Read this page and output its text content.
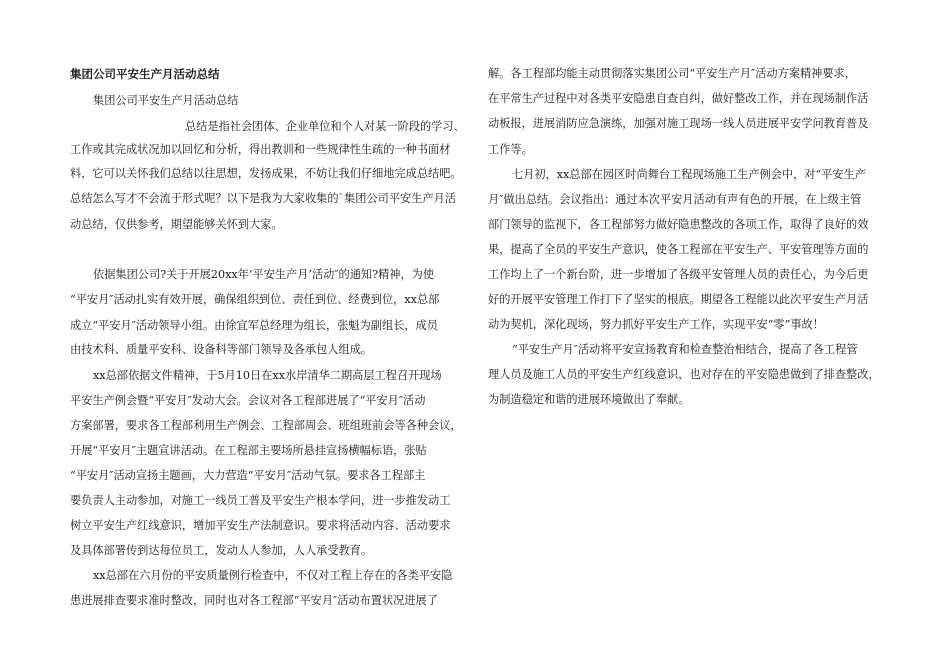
集团公司平安生产月活动总结
集团公司平安生产月活动总结
总结是指社会团体、企业单位和个人对某一阶段的学习、
工作或其完成状况加以回忆和分析，得出教训和一些规律性生疏的一种书面材
料，它可以关怀我们总结以往思想，发扬成果，不妨让我们仔细地完成总结吧。
总结怎么写才不会流于形式呢？以下是我为大家收集的`集团公司平安生产月活
动总结，仅供参考，期望能够关怀到大家。
依据集团公司?关于开展20xx年‘平安生产月’活动″的通知?精神，为使
“平安月″活动扎实有效开展，确保组织到位、责任到位、经费到位，xx总部
成立“平安月″活动领导小组。由徐宜军总经理为组长，张魁为副组长，成员
由技术科、质量平安科、设备科等部门领导及各承包人组成。
xx总部依据文件精神，于5月10日在xx水岸清华二期高层工程召开现场
平安生产例会暨“平安月″发动大会。会议对各工程部进展了“平安月″活动
方案部署，要求各工程部利用生产例会、工程部周会、班组班前会等各种会议，
开展“平安月″主题宣讲活动。在工程部主要场所悬挂宣扬横幅标语，张贴
“平安月″活动宣扬主题画，大力营造“平安月″活动气氛。要求各工程部主
要负责人主动参加，对施工一线员工普及平安生产根本学问，进一步推发动工
树立平安生产红线意识，增加平安生产法制意识。要求将活动内容、活动要求
及具体部署传到达每位员工，发动人人参加，人人承受教育。
xx总部在六月份的平安质量例行检查中，不仅对工程上存在的各类平安隐
患进展排查要求准时整改，同时也对各工程部“平安月″活动布置状况进展了
解。各工程部均能主动贯彻落实集团公司“平安生产月″活动方案精神要求，
在平常生产过程中对各类平安隐患自查自纠，做好整改工作，并在现场制作活
动板报，进展消防应急演练，加强对施工现场一线人员进展平安学问教育普及
工作等。
七月初，xx总部在园区时尚舞台工程现场施工生产例会中，对“平安生产
月″做出总结。会议指出：通过本次平安月活动有声有色的开展，在上级主管
部门领导的监视下，各工程部努力做好隐患整改的各项工作，取得了良好的效
果，提高了全员的平安生产意识，使各工程部在平安生产、平安管理等方面的
工作均上了一个新台阶，进一步增加了各级平安管理人员的责任心，为今后更
好的开展平安管理工作打下了坚实的根底。期望各工程能以此次平安生产月活
动为契机，深化现场，努力抓好平安生产工作，实现平安“零”事故！
“平安生产月″活动将平安宣扬教育和检查整治相结合，提高了各工程管
理人员及施工人员的平安生产红线意识，也对存在的平安隐患做到了排查整改，
为制造稳定和谐的进展环境做出了奉献。
